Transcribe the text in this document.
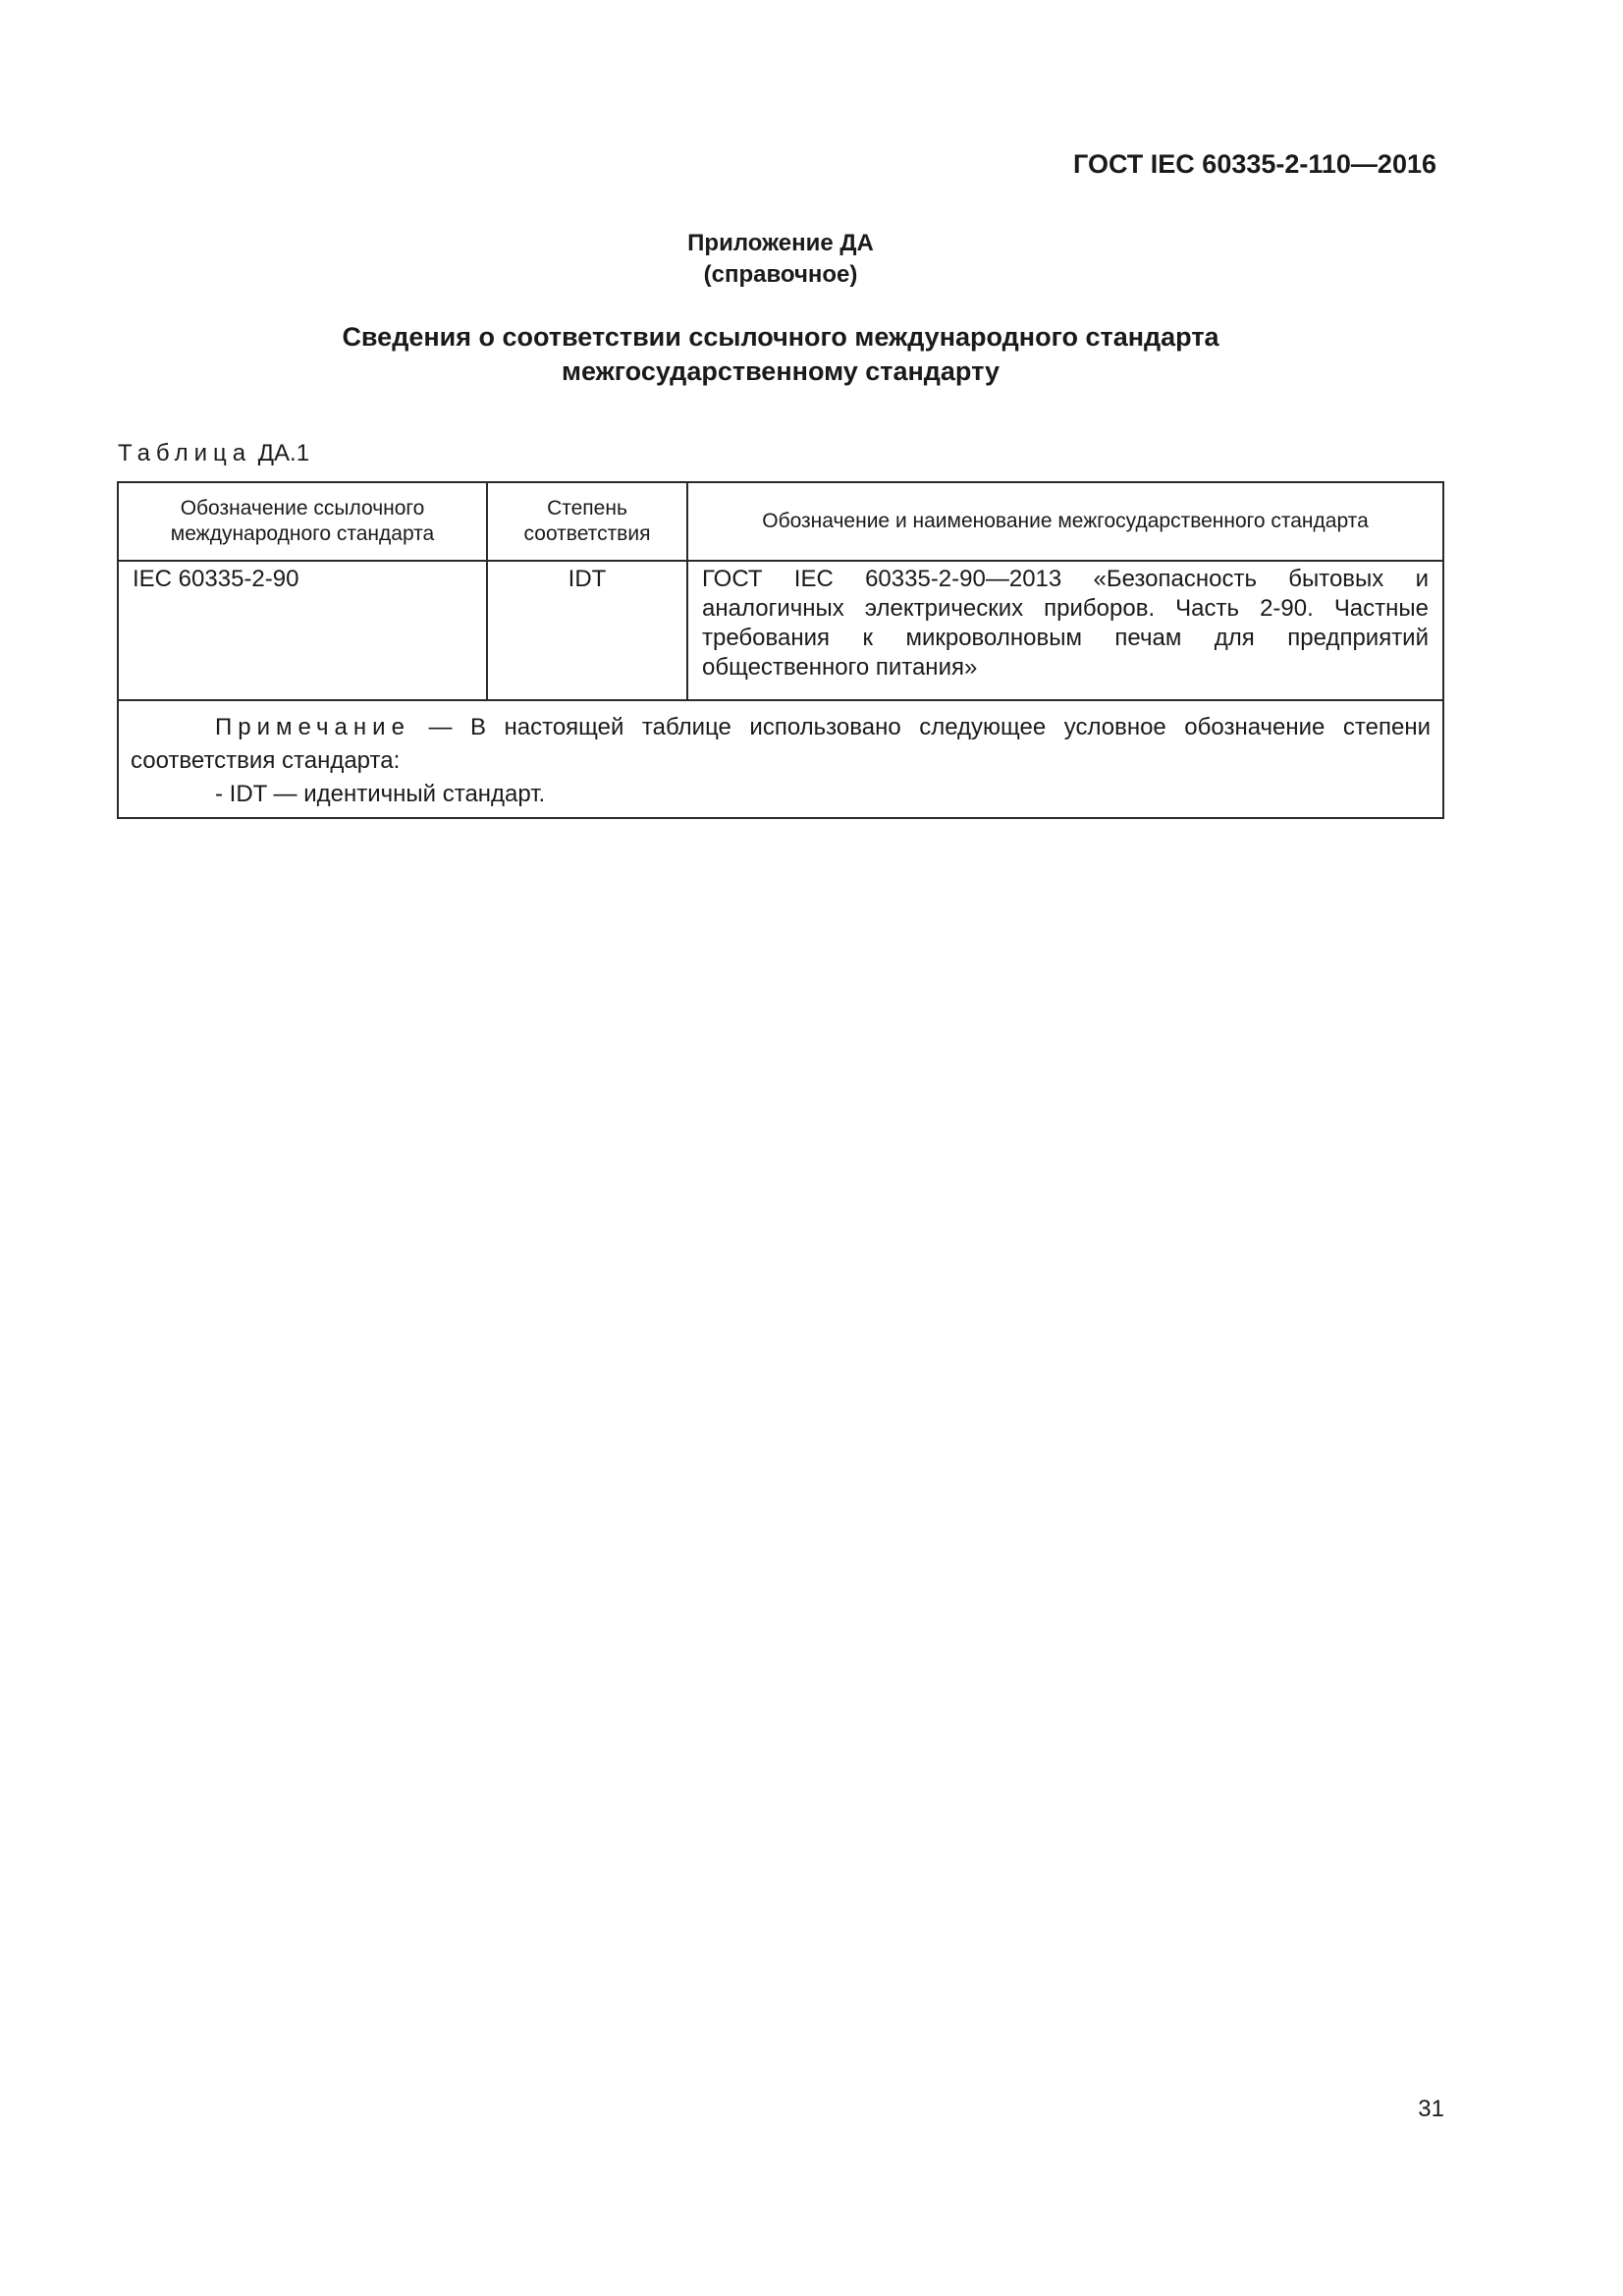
ГОСТ IEC 60335-2-110—2016
Приложение ДА
(справочное)
Сведения о соответствии ссылочного международного стандарта
межгосударственному стандарту
Таблица ДА.1
Обозначение ссылочного международного стандарта	Степень соответствия	Обозначение и наименование межгосударственного стандарта
IEC 60335-2-90	IDT	ГОСТ IEC 60335-2-90—2013 «Безопасность бытовых и аналогичных электрических приборов. Часть 2-90. Частные требования к микроволновым печам для предприятий общественного питания»

Примечание — В настоящей таблице использовано следующее условное обозначение степени соответствия стандарта:
- IDT — идентичный стандарт.		
31
